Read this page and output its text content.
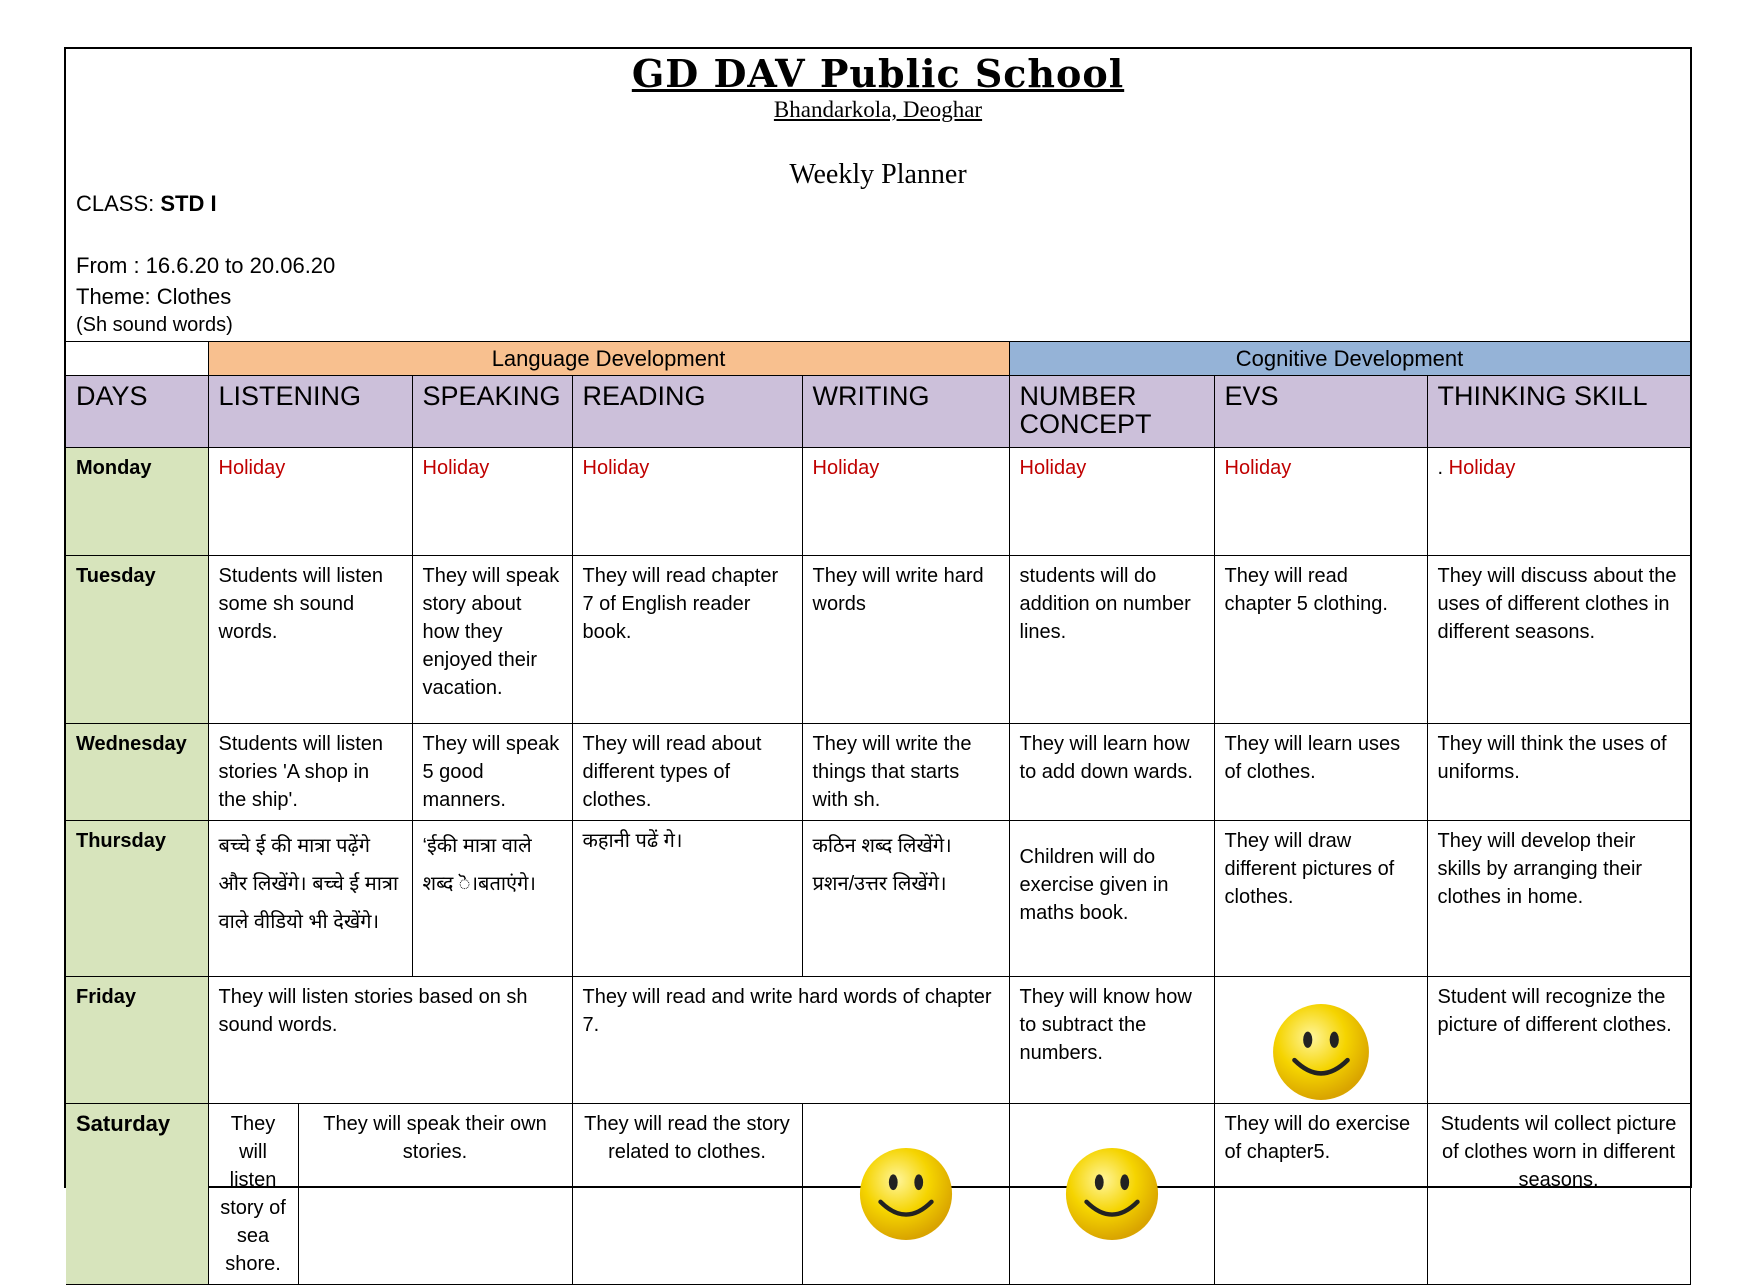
GD DAV Public School
Bhandarkola, Deoghar
Weekly Planner
CLASS: STD I
From : 16.6.20 to 20.06.20
Theme: Clothes
(Sh sound words)
	Language Development					Cognitive Development		
DAYS	LISTENING		SPEAKING	READING	WRITING	NUMBER CONCEPT	EVS	THINKING SKILL
Monday	Holiday		Holiday	Holiday	Holiday	Holiday	Holiday	. Holiday
Tuesday	Students will listen some sh sound words.		They will speak story about how they enjoyed their vacation.	They will read chapter 7 of English reader book.	They will write hard words	students will do addition on number lines.	They will read chapter 5 clothing.	They will discuss about the uses of different clothes in different seasons.
Wednesday	Students will listen stories 'A shop in the ship'.		They will speak 5 good manners.	They will read about different types of clothes.	They will write the things that starts with sh.	They will learn how to add down wards.	They will learn uses of clothes.	They will think the uses of uniforms.
Thursday	बच्चे ई की मात्रा पढ़ेंगे और लिखेंगे। बच्चे ई मात्रा वाले वीडियो भी देखेंगे।		‘ईकी मात्रा वाले शब्द ॆ।बताएंगे।	कहानी पढें गे।	कठिन शब्द लिखेंगे। प्रशन/उत्तर लिखेंगे।	Children will do exercise given in maths book.	They will draw different pictures of clothes.	They will develop their skills by arranging their clothes in home.
Friday	They will listen stories based on sh sound words.			They will read and write hard words of chapter 7.		They will know how to subtract the numbers.		Student will recognize the picture of different clothes.
Saturday	They will listen story of sea shore.	They will speak their own stories.		They will read the story related to clothes.			They will do exercise of chapter5.	Students wil collect picture of clothes worn in different seasons.
